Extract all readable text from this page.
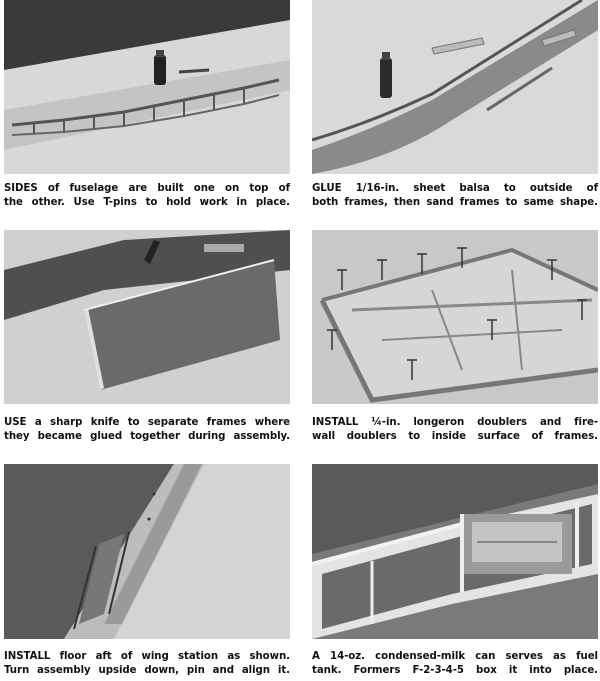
SIDES of fuselage are built one on top of
the other. Use T-pins to hold work in place.
GLUE 1/16-in. sheet balsa to outside of
both frames, then sand frames to same shape.
USE a sharp knife to separate frames where
they became glued together during assembly.
INSTALL ¼-in. longeron doublers and fire-
wall doublers to inside surface of frames.
INSTALL floor aft of wing station as shown.
Turn assembly upside down, pin and align it.
A 14-oz. condensed-milk can serves as fuel
tank. Formers F-2-3-4-5 box it into place.
